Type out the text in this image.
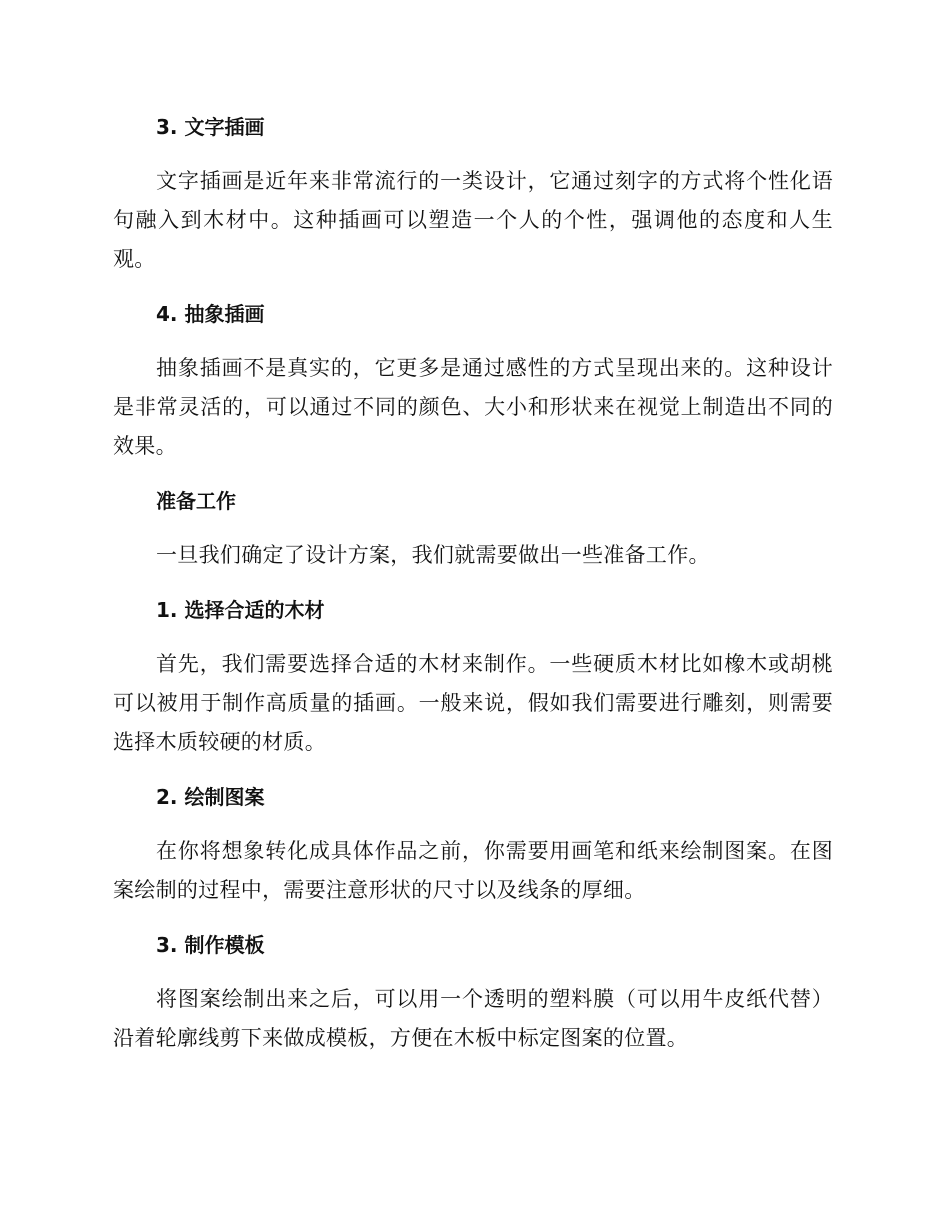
3. 文字插画

文字插画是近年来非常流行的一类设计，它通过刻字的方式将个性化语句融入到木材中。这种插画可以塑造一个人的个性，强调他的态度和人生观。

4. 抽象插画

抽象插画不是真实的，它更多是通过感性的方式呈现出来的。这种设计是非常灵活的，可以通过不同的颜色、大小和形状来在视觉上制造出不同的效果。

准备工作

一旦我们确定了设计方案，我们就需要做出一些准备工作。

1. 选择合适的木材

首先，我们需要选择合适的木材来制作。一些硬质木材比如橡木或胡桃可以被用于制作高质量的插画。一般来说，假如我们需要进行雕刻，则需要选择木质较硬的材质。

2. 绘制图案

在你将想象转化成具体作品之前，你需要用画笔和纸来绘制图案。在图案绘制的过程中，需要注意形状的尺寸以及线条的厚细。

3. 制作模板

将图案绘制出来之后，可以用一个透明的塑料膜（可以用牛皮纸代替）沿着轮廓线剪下来做成模板，方便在木板中标定图案的位置。
